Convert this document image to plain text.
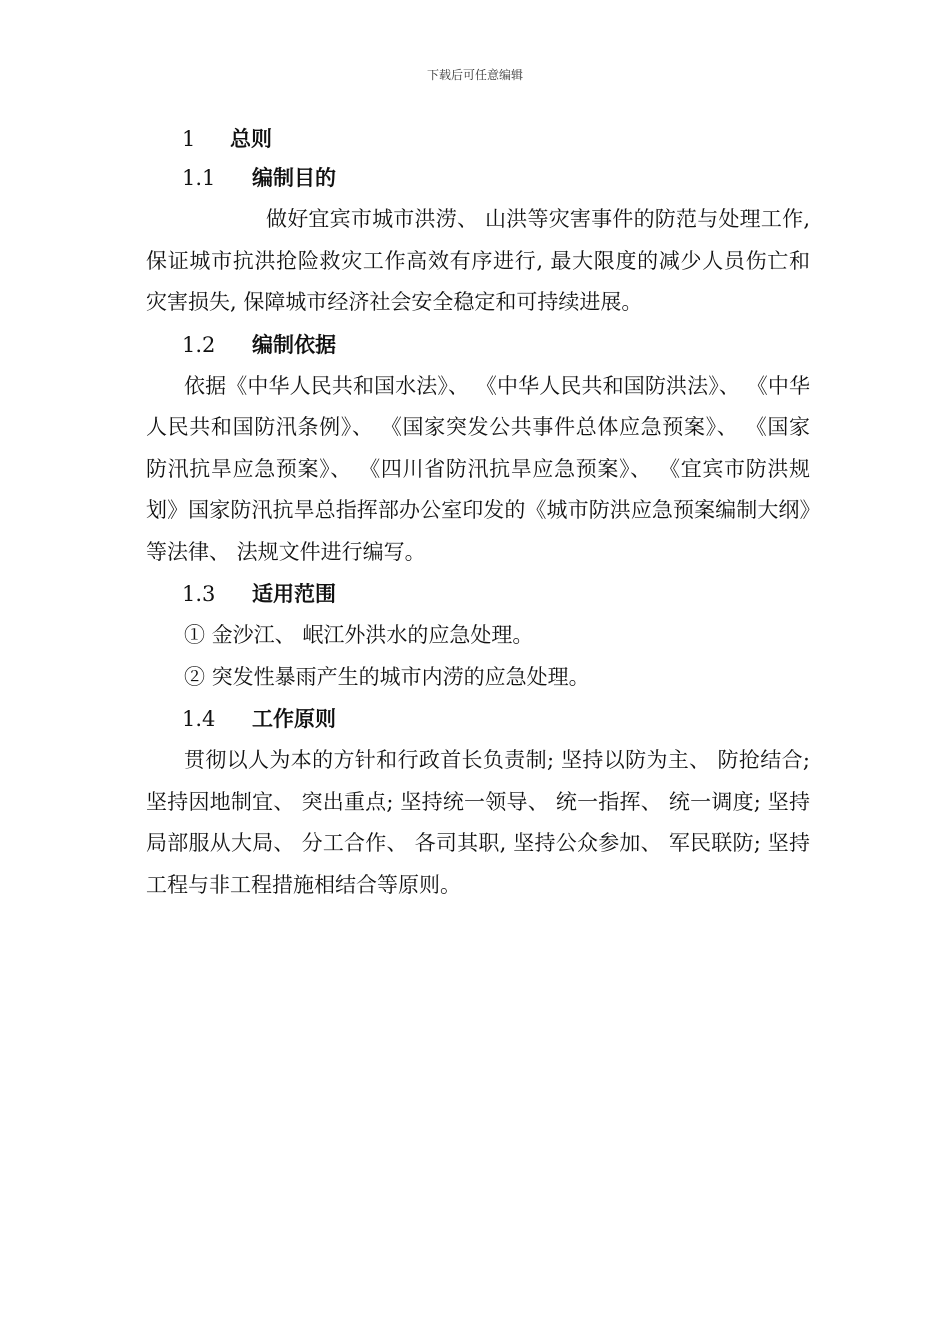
下载后可任意编辑
1 总则
1.1 编制目的

做好宜宾市城市洪涝、 山洪等灾害事件的防范与处理工作, 保证城市抗洪抢险救灾工作高效有序进行, 最大限度的减少人员伤亡和灾害损失, 保障城市经济社会安全稳定和可持续进展。

1.2 编制依据

依据《中华人民共和国水法》、 《中华人民共和国防洪法》、 《中华人民共和国防汛条例》、 《国家突发公共事件总体应急预案》、 《国家防汛抗旱应急预案》、 《四川省防汛抗旱应急预案》、 《宜宾市防洪规划》国家防汛抗旱总指挥部办公室印发的《城市防洪应急预案编制大纲》等法律、 法规文件进行编写。

1.3 适用范围
① 金沙江、 岷江外洪水的应急处理。
② 突发性暴雨产生的城市内涝的应急处理。
1.4 工作原则

贯彻以人为本的方针和行政首长负责制; 坚持以防为主、 防抢结合; 坚持因地制宜、 突出重点; 坚持统一领导、 统一指挥、 统一调度; 坚持局部服从大局、 分工合作、 各司其职, 坚持公众参加、 军民联防; 坚持工程与非工程措施相结合等原则。
